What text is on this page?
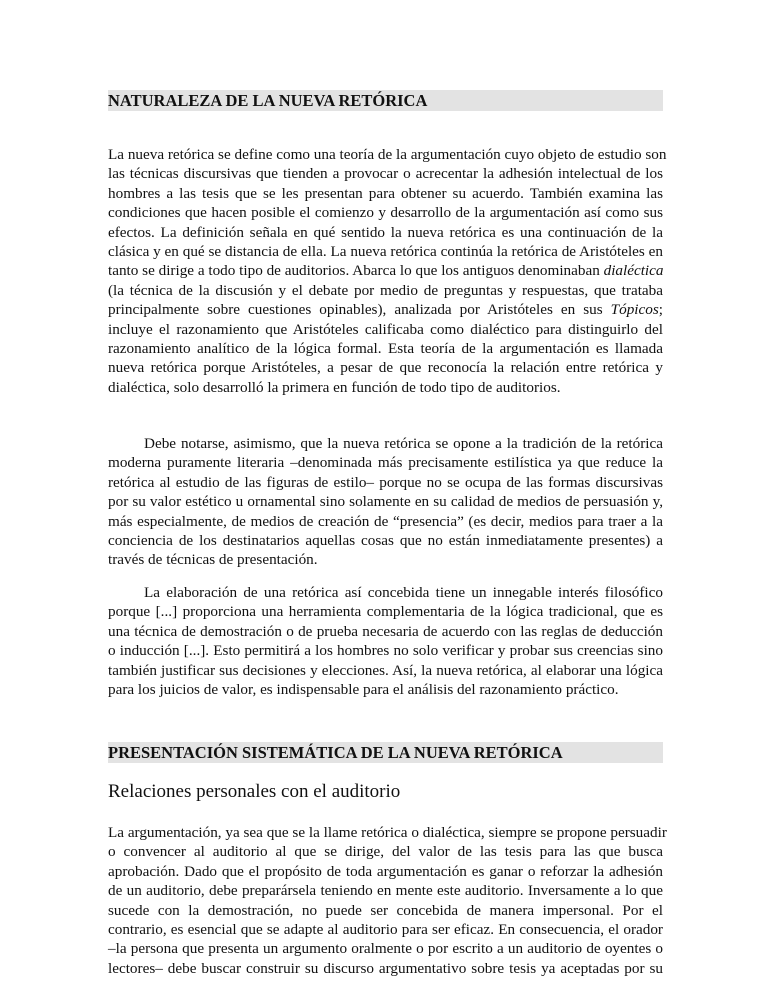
NATURALEZA DE LA NUEVA RETÓRICA
La nueva retórica se define como una teoría de la argumentación cuyo objeto de estudio son
las técnicas discursivas que tienden a provocar o acrecentar la adhesión intelectual de los
hombres a las tesis que se les presentan para obtener su acuerdo. También examina las
condiciones que hacen posible el comienzo y desarrollo de la argumentación así como sus
efectos. La definición señala en qué sentido la nueva retórica es una continuación de la
clásica y en qué se distancia de ella. La nueva retórica continúa la retórica de Aristóteles en
tanto se dirige a todo tipo de auditorios. Abarca lo que los antiguos denominaban dialéctica
(la técnica de la discusión y el debate por medio de preguntas y respuestas, que trataba
principalmente sobre cuestiones opinables), analizada por Aristóteles en sus Tópicos;
incluye el razonamiento que Aristóteles calificaba como dialéctico para distinguirlo del
razonamiento analítico de la lógica formal. Esta teoría de la argumentación es llamada
nueva retórica porque Aristóteles, a pesar de que reconocía la relación entre retórica y
dialéctica, solo desarrolló la primera en función de todo tipo de auditorios.
Debe notarse, asimismo, que la nueva retórica se opone a la tradición de la retórica
moderna puramente literaria –denominada más precisamente estilística ya que reduce la
retórica al estudio de las figuras de estilo– porque no se ocupa de las formas discursivas
por su valor estético u ornamental sino solamente en su calidad de medios de persuasión y,
más especialmente, de medios de creación de “presencia” (es decir, medios para traer a la
conciencia de los destinatarios aquellas cosas que no están inmediatamente presentes) a
través de técnicas de presentación.
La elaboración de una retórica así concebida tiene un innegable interés filosófico
porque [...] proporciona una herramienta complementaria de la lógica tradicional, que es
una técnica de demostración o de prueba necesaria de acuerdo con las reglas de deducción
o inducción [...]. Esto permitirá a los hombres no solo verificar y probar sus creencias sino
también justificar sus decisiones y elecciones. Así, la nueva retórica, al elaborar una lógica
para los juicios de valor, es indispensable para el análisis del razonamiento práctico.
PRESENTACIÓN SISTEMÁTICA DE LA NUEVA RETÓRICA
Relaciones personales con el auditorio
La argumentación, ya sea que se la llame retórica o dialéctica, siempre se propone persuadir
o convencer al auditorio al que se dirige, del valor de las tesis para las que busca
aprobación. Dado que el propósito de toda argumentación es ganar o reforzar la adhesión
de un auditorio, debe preparársela teniendo en mente este auditorio. Inversamente a lo que
sucede con la demostración, no puede ser concebida de manera impersonal. Por el
contrario, es esencial que se adapte al auditorio para ser eficaz. En consecuencia, el orador
–la persona que presenta un argumento oralmente o por escrito a un auditorio de oyentes o
lectores– debe buscar construir su discurso argumentativo sobre tesis ya aceptadas por su
